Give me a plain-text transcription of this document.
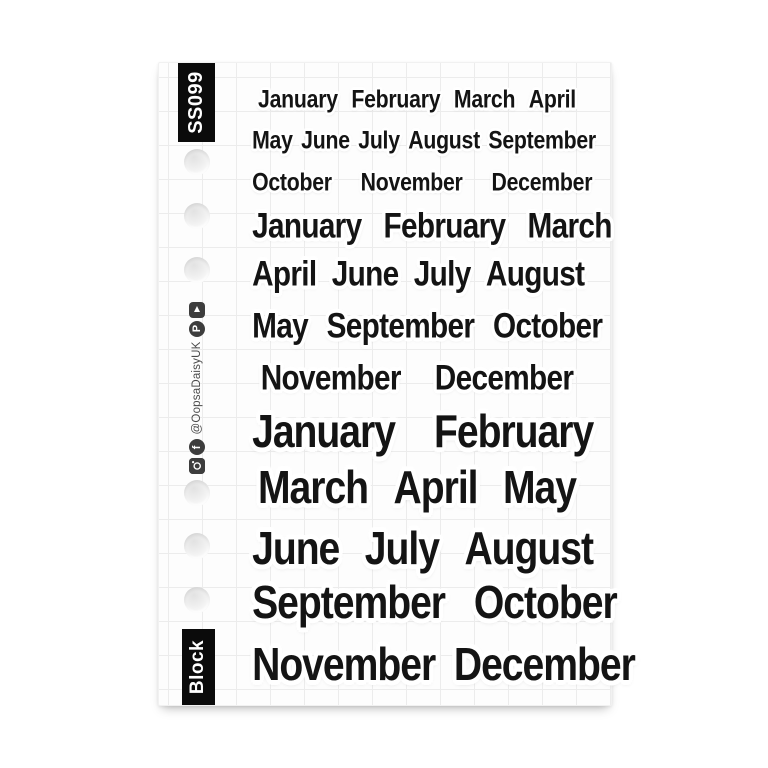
SS099
Block
f
@OopsaDaisyUK
P
January February March April
May June July August September
October November December
January February March
April June July August
May September October
November December
January February
March April May
June July August
September October
November December
